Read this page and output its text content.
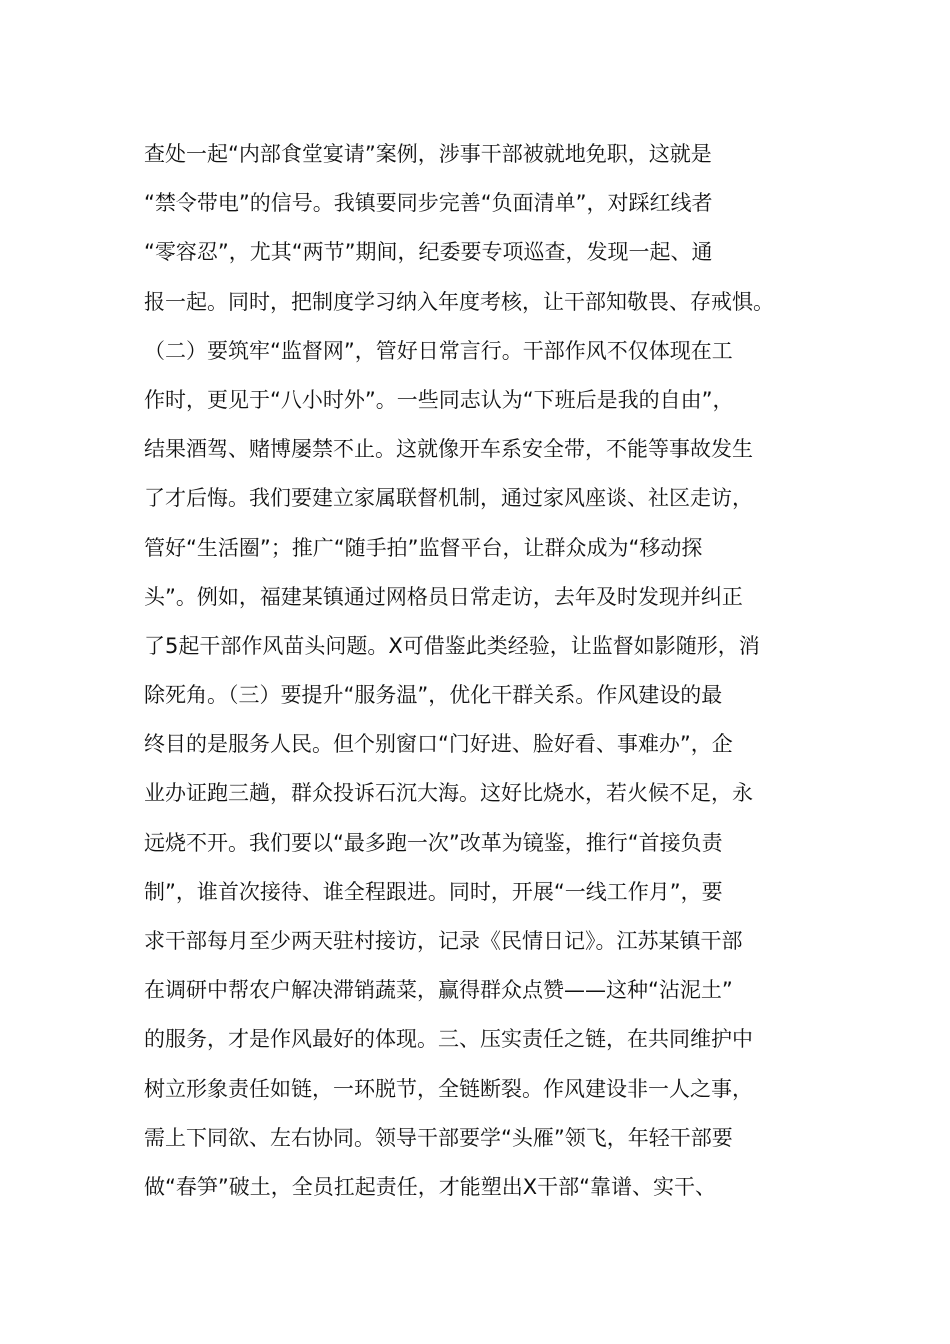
查处一起“内部食堂宴请”案例，涉事干部被就地免职，这就是
“禁令带电”的信号。我镇要同步完善“负面清单”，对踩红线者
“零容忍”，尤其“两节”期间，纪委要专项巡查，发现一起、通
报一起。同时，把制度学习纳入年度考核，让干部知敬畏、存戒惧。
（二）要筑牢“监督网”，管好日常言行。干部作风不仅体现在工
作时，更见于“八小时外”。一些同志认为“下班后是我的自由”，
结果酒驾、赌博屡禁不止。这就像开车系安全带，不能等事故发生
了才后悔。我们要建立家属联督机制，通过家风座谈、社区走访，
管好“生活圈”；推广“随手拍”监督平台，让群众成为“移动探
头”。例如，福建某镇通过网格员日常走访，去年及时发现并纠正
了5起干部作风苗头问题。X可借鉴此类经验，让监督如影随形，消
除死角。（三）要提升“服务温”，优化干群关系。作风建设的最
终目的是服务人民。但个别窗口“门好进、脸好看、事难办”，企
业办证跑三趟，群众投诉石沉大海。这好比烧水，若火候不足，永
远烧不开。我们要以“最多跑一次”改革为镜鉴，推行“首接负责
制”，谁首次接待、谁全程跟进。同时，开展“一线工作月”，要
求干部每月至少两天驻村接访，记录《民情日记》。江苏某镇干部
在调研中帮农户解决滞销蔬菜，赢得群众点赞——这种“沾泥土”
的服务，才是作风最好的体现。三、压实责任之链，在共同维护中
树立形象责任如链，一环脱节，全链断裂。作风建设非一人之事，
需上下同欲、左右协同。领导干部要学“头雁”领飞，年轻干部要
做“春笋”破土，全员扛起责任，才能塑出X干部“靠谱、实干、
